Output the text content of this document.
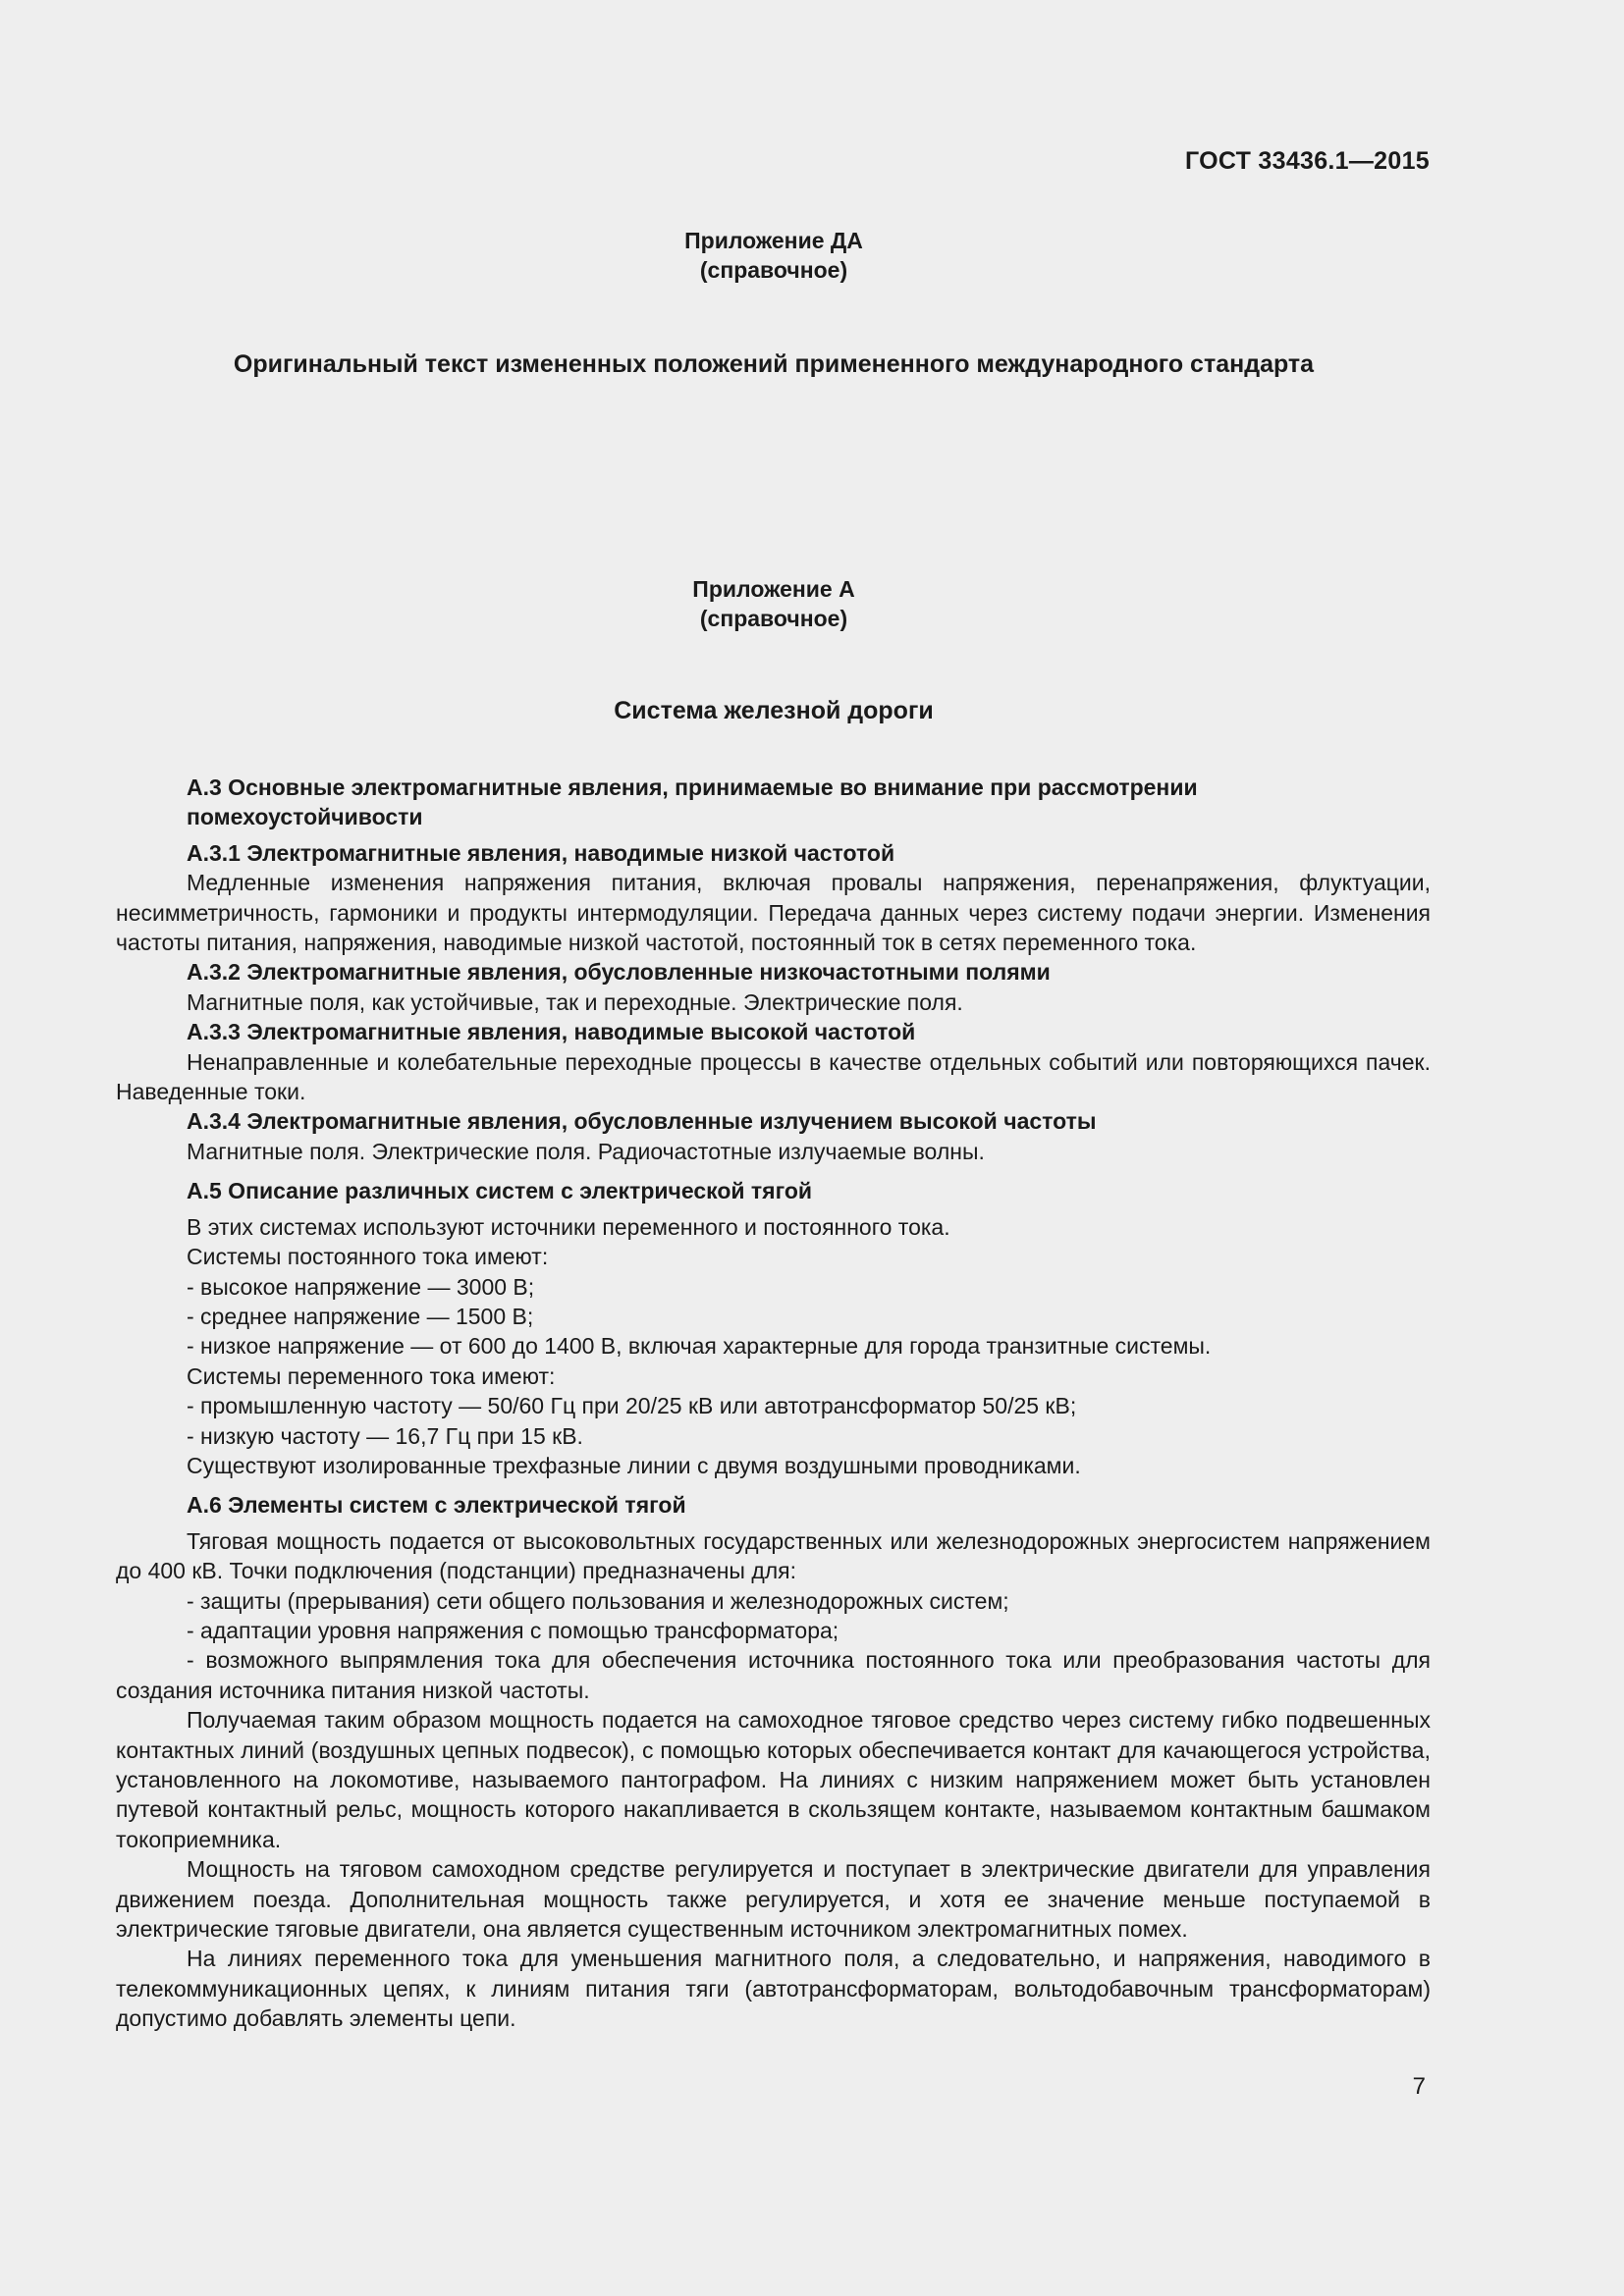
ГОСТ 33436.1—2015
Приложение ДА
(справочное)
Оригинальный текст измененных положений примененного международного стандарта
Приложение А
(справочное)
Система железной дороги

А.3 Основные электромагнитные явления, принимаемые во внимание при рассмотрении

помехоустойчивости

А.3.1 Электромагнитные явления, наводимые низкой частотой

Медленные изменения напряжения питания, включая провалы напряжения, перенапряжения, флуктуации, несимметричность, гармоники и продукты интермодуляции. Передача данных через систему подачи энергии. Изменения частоты питания, напряжения, наводимые низкой частотой, постоянный ток в сетях переменного тока.

А.3.2 Электромагнитные явления, обусловленные низкочастотными полями

Магнитные поля, как устойчивые, так и переходные. Электрические поля.

А.3.3 Электромагнитные явления, наводимые высокой частотой

Ненаправленные и колебательные переходные процессы в качестве отдельных событий или повторяющихся пачек. Наведенные токи.

А.3.4 Электромагнитные явления, обусловленные излучением высокой частоты

Магнитные поля. Электрические поля. Радиочастотные излучаемые волны.

А.5 Описание различных систем с электрической тягой

В этих системах используют источники переменного и постоянного тока.

Системы постоянного тока имеют:

- высокое напряжение — 3000 В;

- среднее напряжение — 1500 В;

- низкое напряжение — от 600 до 1400 В, включая характерные для города транзитные системы.

Системы переменного тока имеют:

- промышленную частоту — 50/60 Гц при 20/25 кВ или автотрансформатор 50/25 кВ;

- низкую частоту — 16,7 Гц при 15 кВ.

Существуют изолированные трехфазные линии с двумя воздушными проводниками.

А.6 Элементы систем с электрической тягой

Тяговая мощность подается от высоковольтных государственных или железнодорожных энергосистем напряжением до 400 кВ. Точки подключения (подстанции) предназначены для:

- защиты (прерывания) сети общего пользования и железнодорожных систем;

- адаптации уровня напряжения с помощью трансформатора;

- возможного выпрямления тока для обеспечения источника постоянного тока или преобразования частоты для создания источника питания низкой частоты.

Получаемая таким образом мощность подается на самоходное тяговое средство через систему гибко подвешенных контактных линий (воздушных цепных подвесок), с помощью которых обеспечивается контакт для качающегося устройства, установленного на локомотиве, называемого пантографом. На линиях с низким напряжением может быть установлен путевой контактный рельс, мощность которого накапливается в скользящем контакте, называемом контактным башмаком токоприемника.

Мощность на тяговом самоходном средстве регулируется и поступает в электрические двигатели для управления движением поезда. Дополнительная мощность также регулируется, и хотя ее значение меньше поступаемой в электрические тяговые двигатели, она является существенным источником электромагнитных помех.

На линиях переменного тока для уменьшения магнитного поля, а следовательно, и напряжения, наводимого в телекоммуникационных цепях, к линиям питания тяги (автотрансформаторам, вольтодобавочным трансформаторам) допустимо добавлять элементы цепи.

7
